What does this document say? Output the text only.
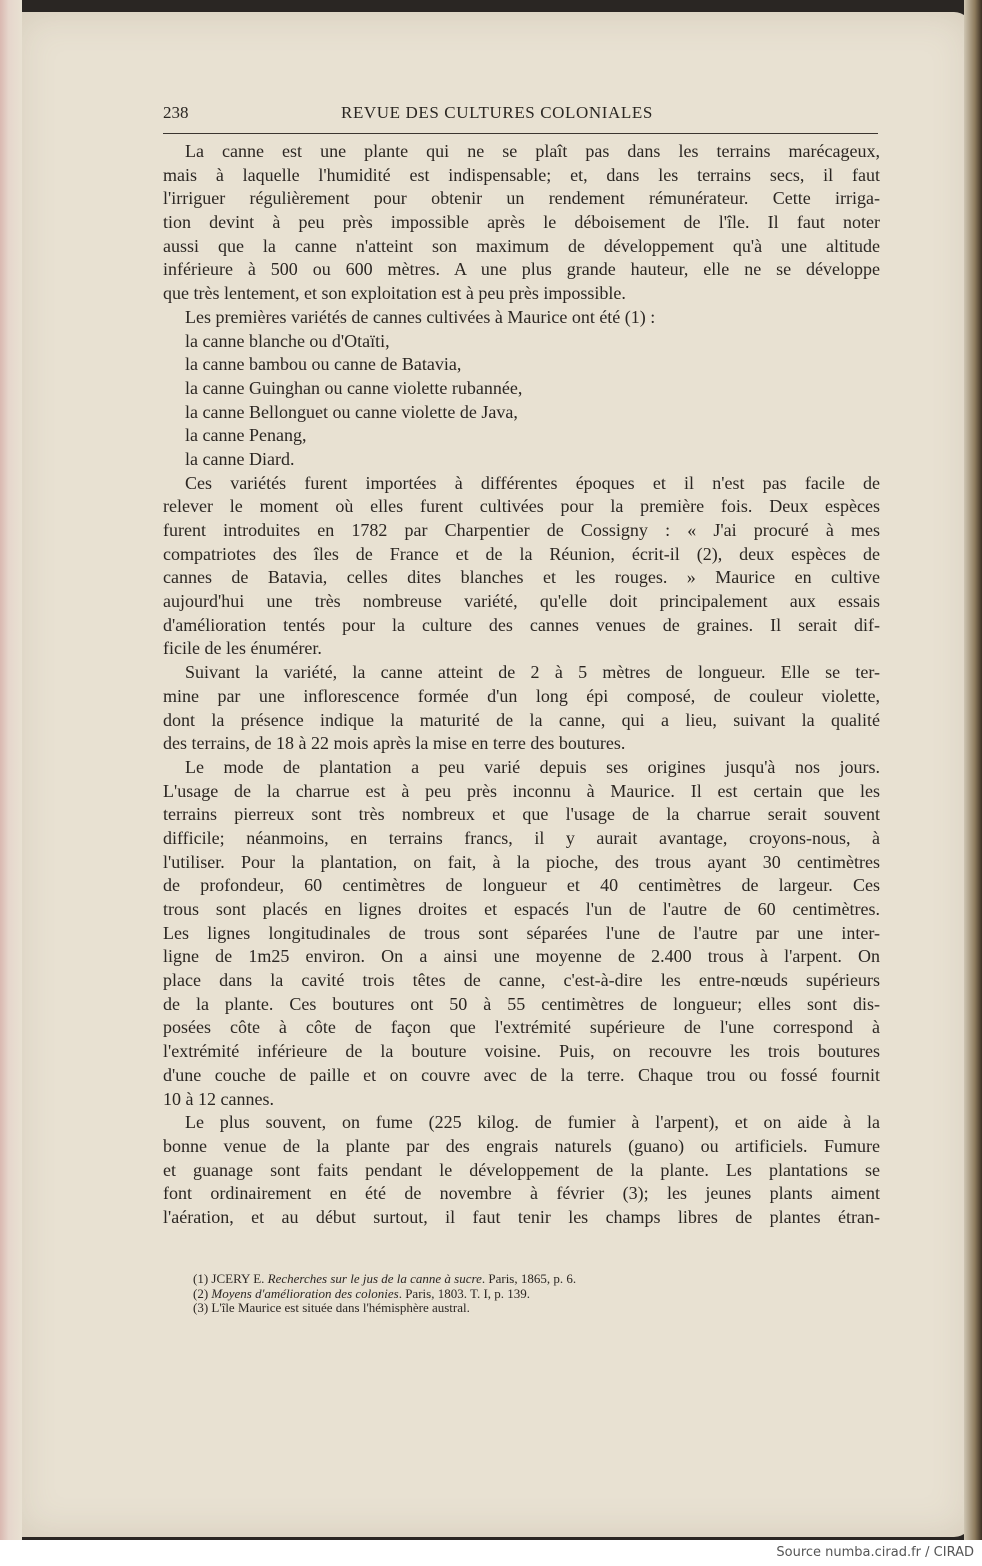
238	REVUE DES CULTURES COLONIALES
La canne est une plante qui ne se plaît pas dans les terrains marécageux,
mais à laquelle l'humidité est indispensable; et, dans les terrains secs, il faut
l'irriguer régulièrement pour obtenir un rendement rémunérateur. Cette irriga-
tion devint à peu près impossible après le déboisement de l'île. Il faut noter
aussi que la canne n'atteint son maximum de développement qu'à une altitude
inférieure à 500 ou 600 mètres. A une plus grande hauteur, elle ne se développe
que très lentement, et son exploitation est à peu près impossible.
Les premières variétés de cannes cultivées à Maurice ont été (1) :
la canne blanche ou d'Otaïti,
la canne bambou ou canne de Batavia,
la canne Guinghan ou canne violette rubannée,
la canne Bellonguet ou canne violette de Java,
la canne Penang,
la canne Diard.
Ces variétés furent importées à différentes époques et il n'est pas facile de
relever le moment où elles furent cultivées pour la première fois. Deux espèces
furent introduites en 1782 par Charpentier de Cossigny : « J'ai procuré à mes
compatriotes des îles de France et de la Réunion, écrit-il (2), deux espèces de
cannes de Batavia, celles dites blanches et les rouges. » Maurice en cultive
aujourd'hui une très nombreuse variété, qu'elle doit principalement aux essais
d'amélioration tentés pour la culture des cannes venues de graines. Il serait dif-
ficile de les énumérer.
Suivant la variété, la canne atteint de 2 à 5 mètres de longueur. Elle se ter-
mine par une inflorescence formée d'un long épi composé, de couleur violette,
dont la présence indique la maturité de la canne, qui a lieu, suivant la qualité
des terrains, de 18 à 22 mois après la mise en terre des boutures.
Le mode de plantation a peu varié depuis ses origines jusqu'à nos jours.
L'usage de la charrue est à peu près inconnu à Maurice. Il est certain que les
terrains pierreux sont très nombreux et que l'usage de la charrue serait souvent
difficile; néanmoins, en terrains francs, il y aurait avantage, croyons-nous, à
l'utiliser. Pour la plantation, on fait, à la pioche, des trous ayant 30 centimètres
de profondeur, 60 centimètres de longueur et 40 centimètres de largeur. Ces
trous sont placés en lignes droites et espacés l'un de l'autre de 60 centimètres.
Les lignes longitudinales de trous sont séparées l'une de l'autre par une inter-
ligne de 1m25 environ. On a ainsi une moyenne de 2.400 trous à l'arpent. On
place dans la cavité trois têtes de canne, c'est-à-dire les entre-nœuds supérieurs
de la plante. Ces boutures ont 50 à 55 centimètres de longueur; elles sont dis-
posées côte à côte de façon que l'extrémité supérieure de l'une correspond à
l'extrémité inférieure de la bouture voisine. Puis, on recouvre les trois boutures
d'une couche de paille et on couvre avec de la terre. Chaque trou ou fossé fournit
10 à 12 cannes.
Le plus souvent, on fume (225 kilog. de fumier à l'arpent), et on aide à la
bonne venue de la plante par des engrais naturels (guano) ou artificiels. Fumure
et guanage sont faits pendant le développement de la plante. Les plantations se
font ordinairement en été de novembre à février (3); les jeunes plants aiment
l'aération, et au début surtout, il faut tenir les champs libres de plantes étran-
(1) JCERY E. Recherches sur le jus de la canne à sucre. Paris, 1865, p. 6.
(2) Moyens d'amélioration des colonies. Paris, 1803. T. I, p. 139.
(3) L'île Maurice est située dans l'hémisphère austral.
Source numba.cirad.fr / CIRAD
